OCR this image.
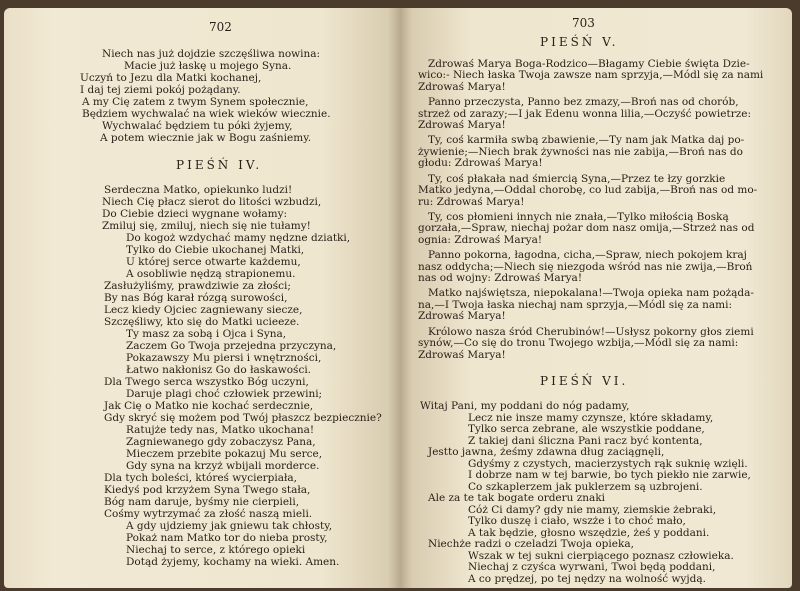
702
Niech nas już dojdzie szczęśliwa nowina:
Macie już łaskę u mojego Syna.
Uczyń to Jezu dla Matki kochanej,
I daj tej ziemi pokój pożądany.
A my Cię zatem z twym Synem społecznie,
Będziem wychwalać na wiek wieków wiecznie.
Wychwalać będziem tu póki żyjemy,
A potem wiecznie jak w Bogu zaśniemy.
PIEŚŃ IV.
Serdeczna Matko, opiekunko ludzi!
Niech Cię płacz sierot do litości wzbudzi,
Do Ciebie dzieci wygnane wołamy:
Zmiluj się, zmiluj, niech się nie tułamy!
Do kogoż wzdychać mamy nędzne dziatki,
Tylko do Ciebie ukochanej Matki,
U której serce otwarte każdemu,
A osobliwie nędzą strapionemu.
Zasłużyliśmy, prawdziwie za złości;
By nas Bóg karał rózgą surowości,
Lecz kiedy Ojciec zagniewany siecze,
Szczęśliwy, kto się do Matki ucieeze.
Ty masz za sobą i Ojca i Syna,
Zaczem Go Twoja przejedna przyczyna,
Pokazawszy Mu piersi i wnętrzności,
Łatwo nakłonisz Go do łaskawości.
Dla Twego serca wszystko Bóg uczyni,
Daruje plagi choć człowiek przewini;
Jak Cię o Matko nie kochać serdecznie,
Gdy skryć się możem pod Twój płaszcz bezpiecznie?
Ratujże tedy nas, Matko ukochana!
Zagniewanego gdy zobaczysz Pana,
Mieczem przebite pokazuj Mu serce,
Gdy syna na krzyż wbijali morderce.
Dla tych boleści, któreś wycierpiała,
Kiedyś pod krzyżem Syna Twego stała,
Bóg nam daruje, byśmy nie cierpieli,
Cośmy wytrzymać za złość naszą mieli.
A gdy ujdziemy jak gniewu tak chłosty,
Pokaż nam Matko tor do nieba prosty,
Niechaj to serce, z którego opieki
Dotąd żyjemy, kochamy na wieki. Amen.
703
PIEŚŃ V.
Zdrowaś Marya Boga-Rodzico—Błagamy Ciebie święta Dzie-
wico:- Niech łaska Twoja zawsze nam sprzyja,—Módl się za nami
Zdrowaś Marya!
Panno przeczysta, Panno bez zmazy,—Broń nas od chorób,
strzeż od zarazy;—I jak Edenu wonna lilia,—Oczyść powietrze:
Zdrowaś Marya!
Ty, coś karmiła swbą zbawienie,—Ty nam jak Matka daj po-
żywienie;—Niech brak żywności nas nie zabija,—Broń nas do
głodu: Zdrowaś Marya!
Ty, coś płakała nad śmiercią Syna,—Przez te łzy gorzkie
Matko jedyna,—Oddal chorobę, co lud zabija,—Broń nas od mo-
ru: Zdrowaś Marya!
Ty, cos płomieni innych nie znała,—Tylko miłością Boską
gorzała,—Spraw, niechaj pożar dom nasz omija,—Strzeż nas od
ognia: Zdrowaś Marya!
Panno pokorna, łagodna, cicha,—Spraw, niech pokojem kraj
nasz oddycha;—Niech się niezgoda wśród nas nie zwija,—Broń
nas od wojny: Zdrowaś Marya!
Matko najświętsza, niepokalana!—Twoja opieka nam pożąda-
na,—I Twoja łaska niechaj nam sprzyja,—Módl się za nami:
Zdrowaś Marya!
Królowo nasza śród Cherubinów!—Usłysz pokorny głos ziemi
synów,—Co się do tronu Twojego wzbija,—Módl się za nami:
Zdrowaś Marya!
PIEŚŃ VI.
Witaj Pani, my poddani do nóg padamy,
Lecz nie insze mamy czynsze, które składamy,
Tylko serca zebrane, ale wszystkie poddane,
Z takiej dani śliczna Pani racz być kontenta,
Jestto jawna, żeśmy zdawna dług zaciągnęli,
Gdyśmy z czystych, macierzystych rąk suknię wzięli.
I dobrze nam w tej barwie, bo tych piekło nie zarwie,
Co szkaplerzem jak puklerzem są uzbrojeni.
Ale za te tak bogate orderu znaki
Cóż Ci damy? gdy nie mamy, ziemskie żebraki,
Tylko duszę i ciało, wszże i to choć mało,
A tak będzie, głosno wszędzie, żeś y poddani.
Niechże radzi o czeladzi Twoja opieka,
Wszak w tej sukni cierpiącego poznasz człowieka.
Niechaj z czyśca wyrwani, Twoi będą poddani,
A co prędzej, po tej nędzy na wolność wyjdą.
